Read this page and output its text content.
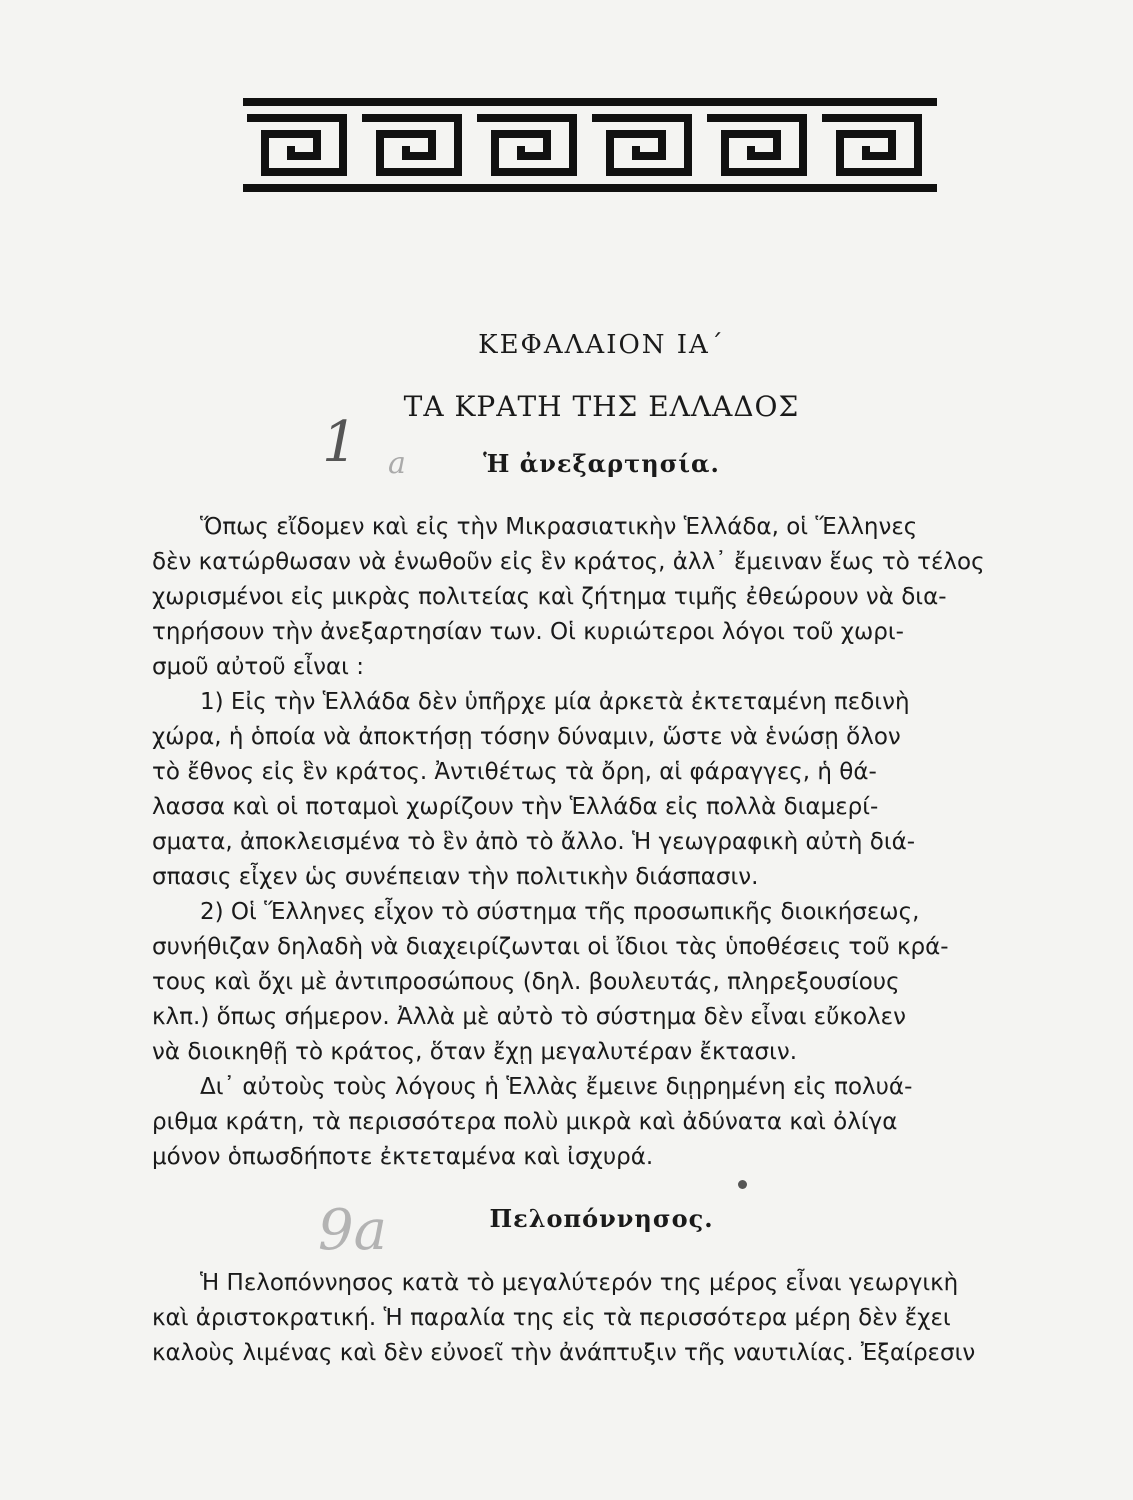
ΚΕΦΑΛΑΙΟΝ ΙΑ΄
ΤΑ ΚΡΑΤΗ ΤΗΣ ΕΛΛΑΔΟΣ
1 a	Ἡ ἀνεξαρτησία.

Ὅπως εἴδομεν καὶ εἰς τὴν Μικρασιατικὴν Ἑλλάδα, οἱ Ἕλληνες

δὲν κατώρθωσαν νὰ ἑνωθοῦν εἰς ἓν κράτος, ἀλλ᾽ ἔμειναν ἕως τὸ τέλος

χωρισμένοι εἰς μικρὰς πολιτείας καὶ ζήτημα τιμῆς ἐθεώρουν νὰ δια-

τηρήσουν τὴν ἀνεξαρτησίαν των. Οἱ κυριώτεροι λόγοι τοῦ χωρι-

σμοῦ αὐτοῦ εἶναι :

1) Εἰς τὴν Ἑλλάδα δὲν ὑπῆρχε μία ἀρκετὰ ἐκτεταμένη πεδινὴ

χώρα, ἡ ὁποία νὰ ἀποκτήσῃ τόσην δύναμιν, ὥστε νὰ ἑνώσῃ ὅλον

τὸ ἔθνος εἰς ἓν κράτος. Ἀντιθέτως τὰ ὄρη, αἱ φάραγγες, ἡ θά-

λασσα καὶ οἱ ποταμοὶ χωρίζουν τὴν Ἑλλάδα εἰς πολλὰ διαμερί-

σματα, ἀποκλεισμένα τὸ ἓν ἀπὸ τὸ ἄλλο. Ἡ γεωγραφικὴ αὐτὴ διά-

σπασις εἶχεν ὡς συνέπειαν τὴν πολιτικὴν διάσπασιν.

2) Οἱ Ἕλληνες εἶχον τὸ σύστημα τῆς προσωπικῆς διοικήσεως,

συνήθιζαν δηλαδὴ νὰ διαχειρίζωνται οἱ ἴδιοι τὰς ὑποθέσεις τοῦ κρά-

τους καὶ ὄχι μὲ ἀντιπροσώπους (δηλ. βουλευτάς, πληρεξουσίους

κλπ.) ὅπως σήμερον. Ἀλλὰ μὲ αὐτὸ τὸ σύστημα δὲν εἶναι εὔκολεν

νὰ διοικηθῇ τὸ κράτος, ὅταν ἔχῃ μεγαλυτέραν ἔκτασιν.

Δι᾽ αὐτοὺς τοὺς λόγους ἡ Ἑλλὰς ἔμεινε διῃρημένη εἰς πολυά-

ριθμα κράτη, τὰ περισσότερα πολὺ μικρὰ καὶ ἀδύνατα καὶ ὀλίγα

μόνον ὁπωσδήποτε ἐκτεταμένα καὶ ἰσχυρά.

9a	Πελοπόννησος.

Ἡ Πελοπόννησος κατὰ τὸ μεγαλύτερόν της μέρος εἶναι γεωργικὴ

καὶ ἀριστοκρατική. Ἡ παραλία της εἰς τὰ περισσότερα μέρη δὲν ἔχει

καλοὺς λιμένας καὶ δὲν εὐνοεῖ τὴν ἀνάπτυξιν τῆς ναυτιλίας. Ἐξαίρεσιν
